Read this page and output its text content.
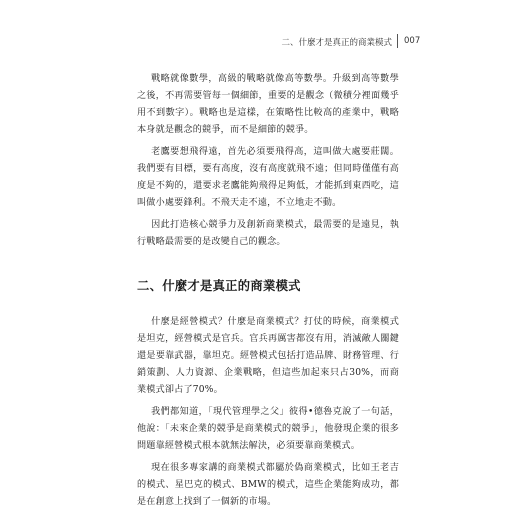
二、什麼才是真正的商業模式 007

戰略就像數學，高級的戰略就像高等數學。升級到高等數學之後，不再需要管每一個細節，重要的是觀念（微積分裡面幾乎用不到數字）。戰略也是這樣，在策略性比較高的產業中，戰略本身就是觀念的競爭，而不是細節的競爭。

老鷹要想飛得遠，首先必須要飛得高，這叫做大處要莊闊。我們要有目標，要有高度，沒有高度就飛不遠；但同時僅僅有高度是不夠的，還要求老鷹能夠飛得足夠低，才能抓到東西吃，這叫做小處要鋒利。不飛天走不遠，不立地走不動。

因此打造核心競爭力及創新商業模式，最需要的是遠見，執行戰略最需要的是改變自己的觀念。

二、什麼才是真正的商業模式

什麼是經營模式？什麼是商業模式？打仗的時候，商業模式是坦克，經營模式是官兵。官兵再厲害都沒有用，消滅敵人關鍵還是要靠武器，靠坦克。經營模式包括打造品牌、財務管理、行銷策劃、人力資源、企業戰略，但這些加起來只占30%，而商業模式卻占了70%。

我們都知道，「現代管理學之父」彼得•德魯克說了一句話，他說：「未來企業的競爭是商業模式的競爭」，他發現企業的很多問題靠經營模式根本就無法解決，必須要靠商業模式。

現在很多專家講的商業模式都屬於偽商業模式，比如王老吉的模式、星巴克的模式、BMW的模式，這些企業能夠成功，都是在創意上找到了一個新的市場。
